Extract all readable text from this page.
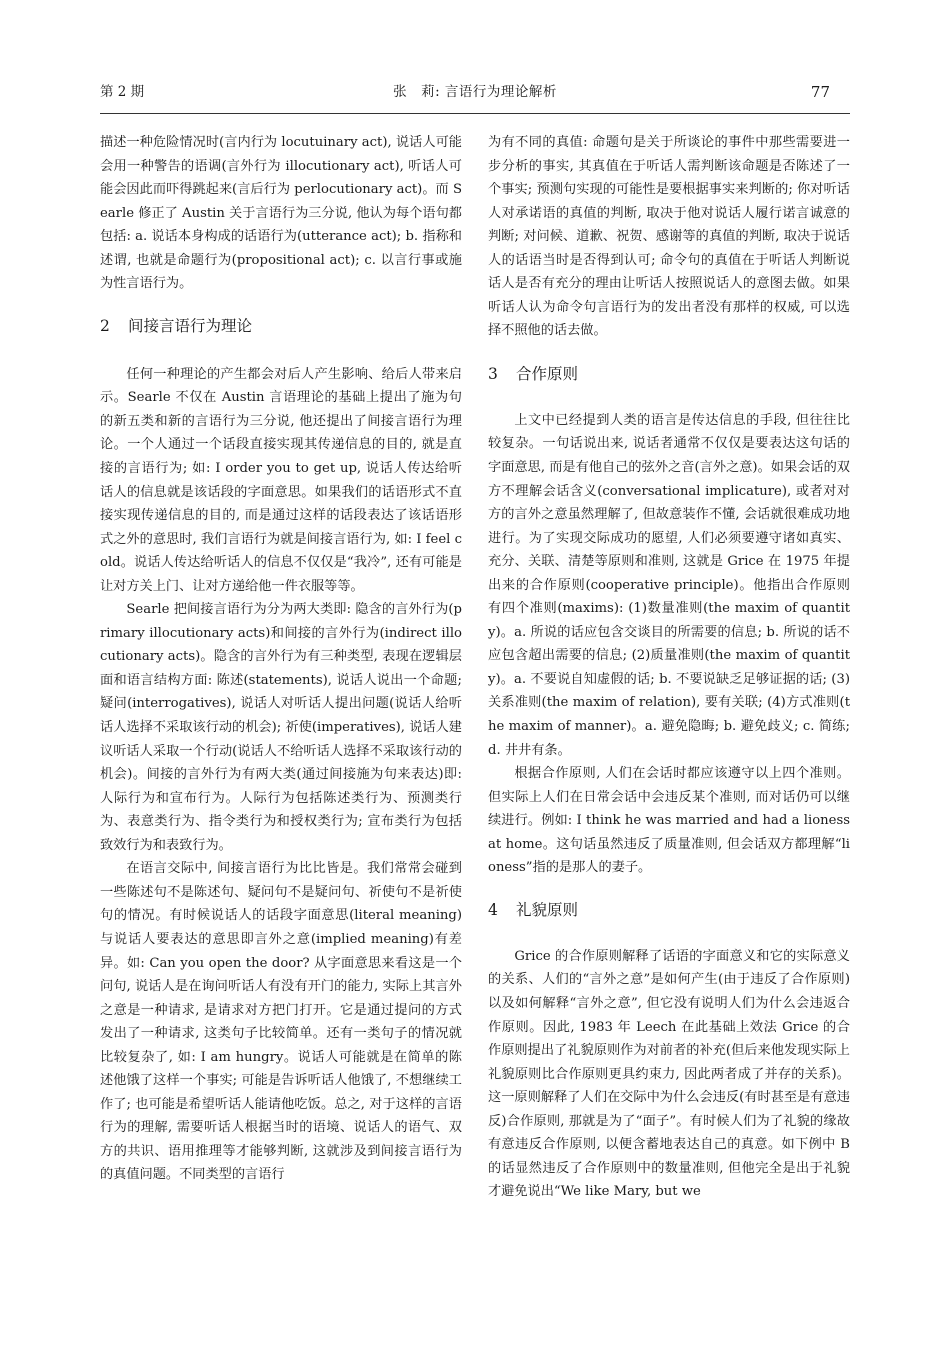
第 2 期	张　莉: 言语行为理论解析	77

描述一种危险情况时(言内行为 locutuinary act), 说话人可能会用一种警告的语调(言外行为 illocutionary act), 听话人可能会因此而吓得跳起来(言后行为 perlocutionary act)。而 Searle 修正了 Austin 关于言语行为三分说, 他认为每个语句都包括: a. 说话本身构成的话语行为(utterance act); b. 指称和述谓, 也就是命题行为(propositional act); c. 以言行事或施为性言语行为。

2	间接言语行为理论

任何一种理论的产生都会对后人产生影响、给后人带来启示。Searle 不仅在 Austin 言语理论的基础上提出了施为句的新五类和新的言语行为三分说, 他还提出了间接言语行为理论。一个人通过一个话段直接实现其传递信息的目的, 就是直接的言语行为; 如: I order you to get up, 说话人传达给听话人的信息就是该话段的字面意思。如果我们的话语形式不直接实现传递信息的目的, 而是通过这样的话段表达了该话语形式之外的意思时, 我们言语行为就是间接言语行为, 如: I feel cold。说话人传达给听话人的信息不仅仅是“我冷”, 还有可能是让对方关上门、让对方递给他一件衣服等等。

Searle 把间接言语行为分为两大类即: 隐含的言外行为(primary illocutionary acts)和间接的言外行为(indirect illocutionary acts)。隐含的言外行为有三种类型, 表现在逻辑层面和语言结构方面: 陈述(statements), 说话人说出一个命题; 疑问(interrogatives), 说话人对听话人提出问题(说话人给听话人选择不采取该行动的机会); 祈使(imperatives), 说话人建议听话人采取一个行动(说话人不给听话人选择不采取该行动的机会)。间接的言外行为有两大类(通过间接施为句来表达)即: 人际行为和宣布行为。人际行为包括陈述类行为、预测类行为、表意类行为、指令类行为和授权类行为; 宣布类行为包括致效行为和表致行为。

在语言交际中, 间接言语行为比比皆是。我们常常会碰到一些陈述句不是陈述句、疑问句不是疑问句、祈使句不是祈使句的情况。有时候说话人的话段字面意思(literal meaning)与说话人要表达的意思即言外之意(implied meaning)有差异。如: Can you open the door? 从字面意思来看这是一个问句, 说话人是在询问听话人有没有开门的能力, 实际上其言外之意是一种请求, 是请求对方把门打开。它是通过提问的方式发出了一种请求, 这类句子比较简单。还有一类句子的情况就比较复杂了, 如: I am hungry。说话人可能就是在简单的陈述他饿了这样一个事实; 可能是告诉听话人他饿了, 不想继续工作了; 也可能是希望听话人能请他吃饭。总之, 对于这样的言语行为的理解, 需要听话人根据当时的语境、说话人的语气、双方的共识、语用推理等才能够判断, 这就涉及到间接言语行为的真值问题。不同类型的言语行

为有不同的真值: 命题句是关于所谈论的事件中那些需要进一步分析的事实, 其真值在于听话人需判断该命题是否陈述了一个事实; 预测句实现的可能性是要根据事实来判断的; 你对听话人对承诺语的真值的判断, 取决于他对说话人履行诺言诚意的判断; 对问候、道歉、祝贺、感谢等的真值的判断, 取决于说话人的话语当时是否得到认可; 命令句的真值在于听话人判断说话人是否有充分的理由让听话人按照说话人的意图去做。如果听话人认为命令句言语行为的发出者没有那样的权威, 可以选择不照他的话去做。

3	合作原则

上文中已经提到人类的语言是传达信息的手段, 但往往比较复杂。一句话说出来, 说话者通常不仅仅是要表达这句话的字面意思, 而是有他自己的弦外之音(言外之意)。如果会话的双方不理解会话含义(conversational implicature), 或者对对方的言外之意虽然理解了, 但故意装作不懂, 会话就很难成功地进行。为了实现交际成功的愿望, 人们必须要遵守诸如真实、充分、关联、清楚等原则和准则, 这就是 Grice 在 1975 年提出来的合作原则(cooperative principle)。他指出合作原则有四个准则(maxims): (1)数量准则(the maxim of quantity)。a. 所说的话应包含交谈目的所需要的信息; b. 所说的话不应包含超出需要的信息; (2)质量准则(the maxim of quantity)。a. 不要说自知虚假的话; b. 不要说缺乏足够证据的话; (3)关系准则(the maxim of relation), 要有关联; (4)方式准则(the maxim of manner)。a. 避免隐晦; b. 避免歧义; c. 简练; d. 井井有条。

根据合作原则, 人们在会话时都应该遵守以上四个准则。但实际上人们在日常会话中会违反某个准则, 而对话仍可以继续进行。例如: I think he was married and had a lioness at home。这句话虽然违反了质量准则, 但会话双方都理解“lioness”指的是那人的妻子。

4	礼貌原则

Grice 的合作原则解释了话语的字面意义和它的实际意义的关系、人们的“言外之意”是如何产生(由于违反了合作原则)以及如何解释“言外之意”, 但它没有说明人们为什么会违返合作原则。因此, 1983 年 Leech 在此基础上效法 Grice 的合作原则提出了礼貌原则作为对前者的补充(但后来他发现实际上礼貌原则比合作原则更具约束力, 因此两者成了并存的关系)。这一原则解释了人们在交际中为什么会违反(有时甚至是有意违反)合作原则, 那就是为了“面子”。有时候人们为了礼貌的缘故有意违反合作原则, 以便含蓄地表达自己的真意。如下例中 B 的话显然违反了合作原则中的数量准则, 但他完全是出于礼貌才避免说出“We like Mary, but we
